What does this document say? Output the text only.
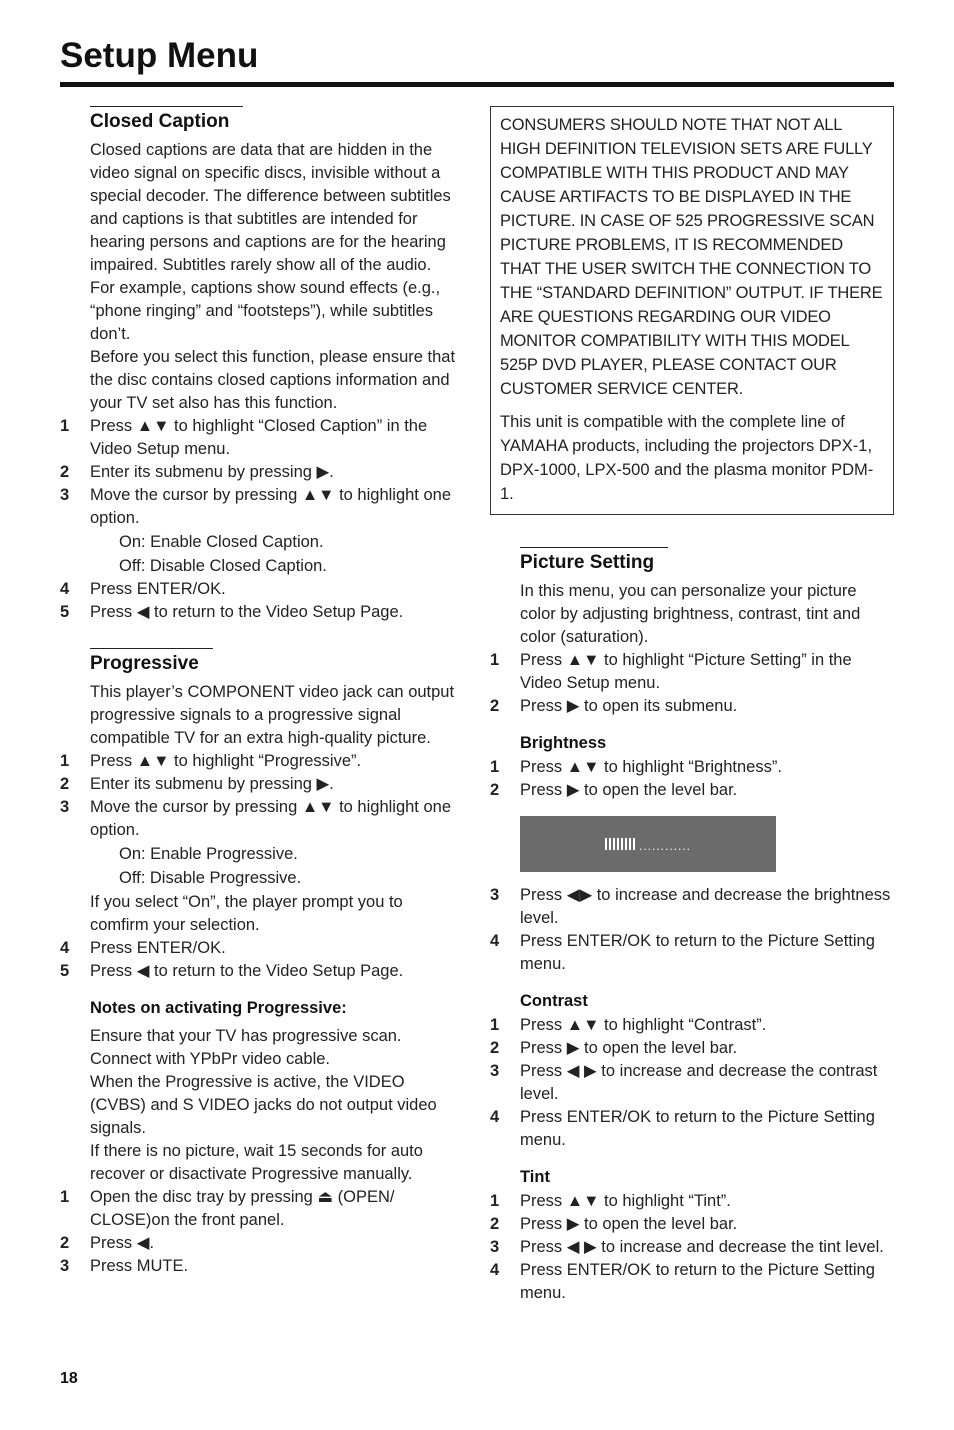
Setup Menu
Closed Caption
Closed captions are data that are hidden in the video signal on specific discs, invisible without a special decoder. The difference between subtitles and captions is that subtitles are intended for hearing persons and captions are for the hearing impaired. Subtitles rarely show all of the audio. For example, captions show sound effects (e.g., “phone ringing” and “footsteps”), while subtitles don’t.
Before you select this function, please ensure that the disc contains closed captions information and your TV set also has this function.
1	Press ▲▼ to highlight “Closed Caption” in the Video Setup menu.
2	Enter its submenu by pressing ▶.
3	Move the cursor by pressing ▲▼ to highlight one option.
On: Enable Closed Caption.
Off: Disable Closed Caption.
4	Press ENTER/OK.
5	Press ◀ to return to the Video Setup Page.
Progressive
This player’s COMPONENT video jack can output progressive signals to a progressive signal compatible TV for an extra high-quality picture.
1	Press ▲▼ to highlight “Progressive”.
2	Enter its submenu by pressing ▶.
3	Move the cursor by pressing ▲▼ to highlight one option.
On: Enable Progressive.
Off: Disable Progressive.
If you select “On”, the player prompt you to comfirm your selection.
4	Press ENTER/OK.
5	Press ◀ to return to the Video Setup Page.
Notes on activating Progressive:
Ensure that your TV has progressive scan.
Connect with YPbPr video cable.
When the Progressive is active, the VIDEO (CVBS) and S VIDEO jacks do not output video signals.
If there is no picture, wait 15 seconds for auto recover or disactivate Progressive manually.
1	Open the disc tray by pressing ⏏ (OPEN/ CLOSE)on the front panel.
2	Press ◀.
3	Press MUTE.

CONSUMERS SHOULD NOTE THAT NOT ALL HIGH DEFINITION TELEVISION SETS ARE FULLY COMPATIBLE WITH THIS PRODUCT AND MAY CAUSE ARTIFACTS TO BE DISPLAYED IN THE PICTURE. IN CASE OF 525 PROGRESSIVE SCAN PICTURE PROBLEMS, IT IS RECOMMENDED THAT THE USER SWITCH THE CONNECTION TO THE “STANDARD DEFINITION” OUTPUT. IF THERE ARE QUESTIONS REGARDING OUR VIDEO MONITOR COMPATIBILITY WITH THIS MODEL 525P DVD PLAYER, PLEASE CONTACT OUR CUSTOMER SERVICE CENTER.

This unit is compatible with the complete line of YAMAHA products, including the projectors DPX-1, DPX-1000, LPX-500 and the plasma monitor PDM-1.

Picture Setting
In this menu, you can personalize your picture color by adjusting brightness, contrast, tint and color (saturation).
1	Press ▲▼ to highlight “Picture Setting” in the Video Setup menu.
2	Press ▶ to open its submenu.
Brightness
1	Press ▲▼ to highlight “Brightness”.
2	Press ▶ to open the level bar.
............
3	Press ◀▶ to increase and decrease the brightness level.
4	Press ENTER/OK to return to the Picture Setting menu.
Contrast
1	Press ▲▼ to highlight “Contrast”.
2	Press ▶ to open the level bar.
3	Press ◀ ▶ to increase and decrease the contrast level.
4	Press ENTER/OK to return to the Picture Setting menu.
Tint
1	Press ▲▼ to highlight “Tint”.
2	Press ▶ to open the level bar.
3	Press ◀ ▶ to increase and decrease the tint level.
4	Press ENTER/OK to return to the Picture Setting menu.
18
